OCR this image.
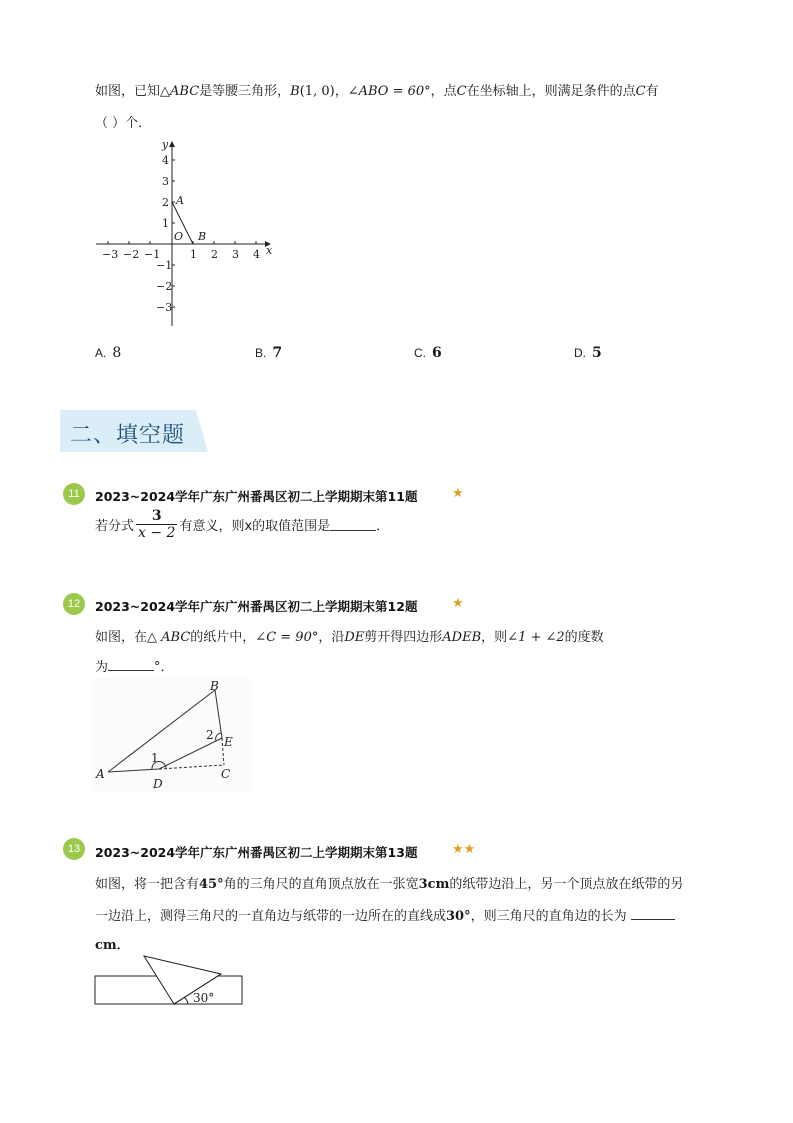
如图，已知△ABC是等腰三角形，B(1, 0)，∠ABO = 60°，点C在坐标轴上，则满足条件的点C有
（ ）个．
−3 −2 −1	1 2 3 4
4
3
2
1
−1
−2
−3
x
y
O
A
B
A. 8	B. 7	C. 6	D. 5
二、填空题
11	2023~2024学年广东广州番禺区初二上学期期末第11题	★
若分式 $\frac{3}{x - 2}$ 有意义，则x的取值范围是	．
12	2023~2024学年广东广州番禺区初二上学期期末第12题	★
如图，在△ ABC的纸片中，∠C = 90°，沿DE剪开得四边形ADEB，则∠1 + ∠2的度数
为	°．
A
B
C
D
E
1
2
13	2023~2024学年广东广州番禺区初二上学期期末第13题	★★
如图，将一把含有45°角的三角尺的直角顶点放在一张宽3cm的纸带边沿上，另一个顶点放在纸带的另
一边沿上，测得三角尺的一直角边与纸带的一边所在的直线成30°，则三角尺的直角边的长为
cm．
30°
